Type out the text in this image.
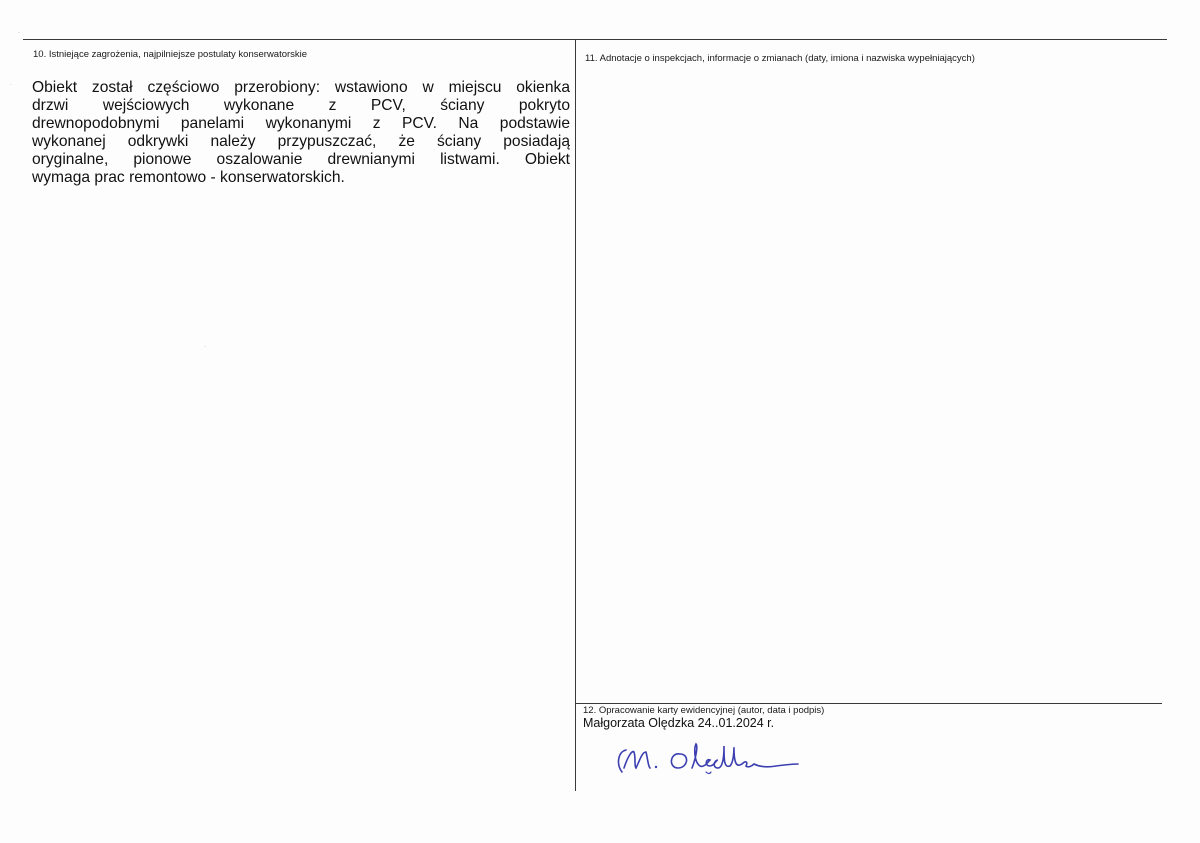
10. Istniejące zagrożenia, najpilniejsze postulaty konserwatorskie
Obiekt został częściowo przerobiony: wstawiono w miejscu okienka
drzwi wejściowych wykonane z PCV, ściany pokryto
drewnopodobnymi panelami wykonanymi z PCV. Na podstawie
wykonanej odkrywki należy przypuszczać, że ściany posiadają
oryginalne, pionowe oszalowanie drewnianymi listwami. Obiekt
wymaga prac remontowo - konserwatorskich.
11. Adnotacje o inspekcjach, informacje o zmianach (daty, imiona i nazwiska wypełniających)
12. Opracowanie karty ewidencyjnej (autor, data i podpis)
Małgorzata Olędzka 24..01.2024 r.
·
·
·
